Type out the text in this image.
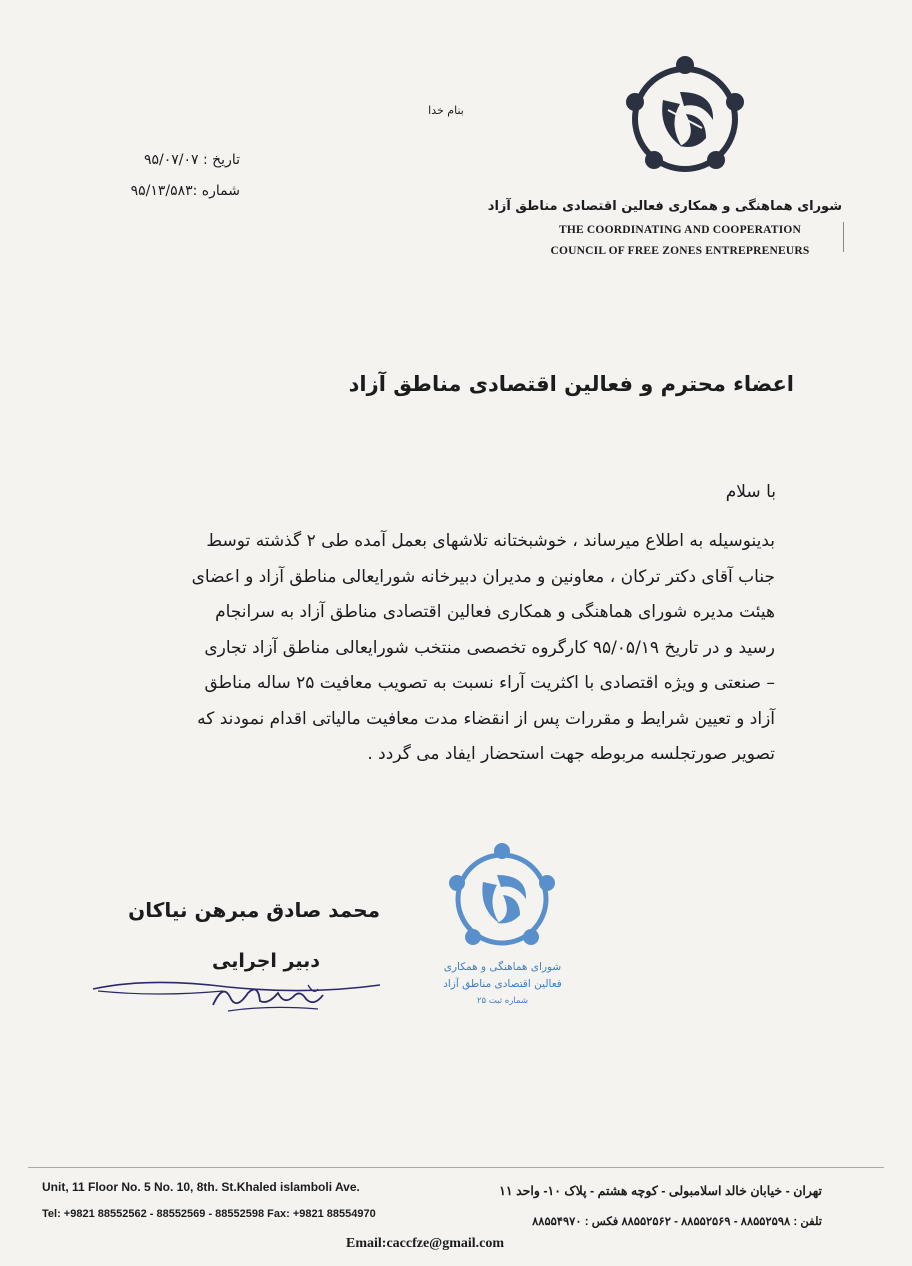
بنام خدا
شورای هماهنگی و همکاری فعالین اقتصادی مناطق آزاد
THE COORDINATING AND COOPERATION
COUNCIL OF FREE ZONES ENTREPRENEURS
تاریخ : ۹۵/۰۷/۰۷
شماره :۹۵/۱۳/۵۸۳
اعضاء محترم و فعالین اقتصادی مناطق آزاد
با سلام
بدینوسیله به اطلاع میرساند ، خوشبختانه تلاشهای بعمل آمده طی ۲ گذشته توسط
جناب آقای دکتر ترکان ، معاونین و مدیران دبیرخانه شورایعالی مناطق آزاد و اعضای
هیئت مدیره شورای هماهنگی و همکاری فعالین اقتصادی مناطق آزاد به سرانجام
رسید و در تاریخ ۹۵/۰۵/۱۹ کارگروه تخصصی منتخب شورایعالی مناطق آزاد تجاری
– صنعتی و ویژه اقتصادی با اکثریت آراء نسبت به تصویب معافیت ۲۵ ساله مناطق
آزاد و تعیین شرایط و مقررات پس از انقضاء مدت معافیت مالیاتی اقدام نمودند که
تصویر صورتجلسه مربوطه جهت استحضار ایفاد می گردد .
شورای هماهنگی و همکاری
فعالین اقتصادی مناطق آزاد
شماره ثبت ۲۵
محمد صادق مبرهن نیاکان
دبیر اجرایی
Unit, 11 Floor No. 5 No. 10, 8th. St.Khaled islamboli Ave.
Tel: +9821 88552562 - 88552569 - 88552598 Fax: +9821 88554970
تهران - خیابان خالد اسلامبولی - کوچه هشتم - پلاک ۱۰- واحد ۱۱
تلفن : ۸۸۵۵۲۵۹۸ - ۸۸۵۵۲۵۶۹ - ۸۸۵۵۲۵۶۲ فکس : ۸۸۵۵۴۹۷۰
Email:caccfze@gmail.com
